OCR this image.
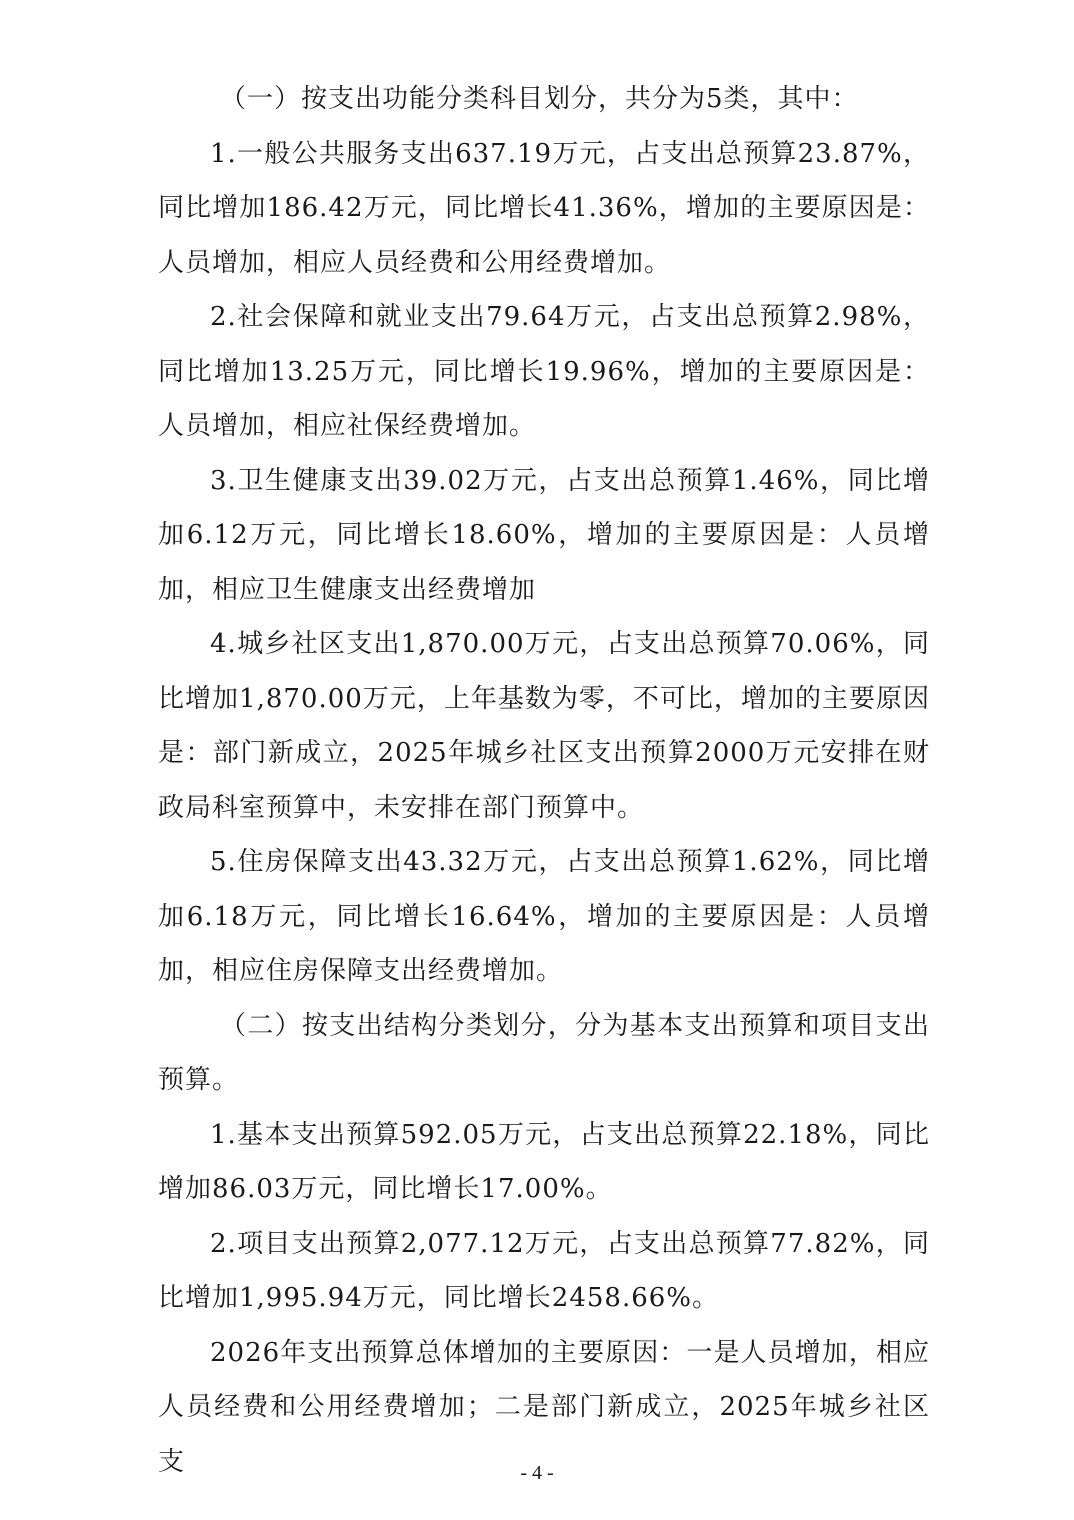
（一）按支出功能分类科目划分，共分为5类，其中：

1.一般公共服务支出637.19万元，占支出总预算23.87%，同比增加186.42万元，同比增长41.36%，增加的主要原因是：人员增加，相应人员经费和公用经费增加。

2.社会保障和就业支出79.64万元，占支出总预算2.98%，同比增加13.25万元，同比增长19.96%，增加的主要原因是：人员增加，相应社保经费增加。

3.卫生健康支出39.02万元，占支出总预算1.46%，同比增加6.12万元，同比增长18.60%，增加的主要原因是：人员增加，相应卫生健康支出经费增加

4.城乡社区支出1,870.00万元，占支出总预算70.06%，同比增加1,870.00万元，上年基数为零，不可比，增加的主要原因是：部门新成立，2025年城乡社区支出预算2000万元安排在财政局科室预算中，未安排在部门预算中。

5.住房保障支出43.32万元，占支出总预算1.62%，同比增加6.18万元，同比增长16.64%，增加的主要原因是：人员增加，相应住房保障支出经费增加。

（二）按支出结构分类划分，分为基本支出预算和项目支出预算。

1.基本支出预算592.05万元，占支出总预算22.18%，同比增加86.03万元，同比增长17.00%。

2.项目支出预算2,077.12万元，占支出总预算77.82%，同比增加1,995.94万元，同比增长2458.66%。

2026年支出预算总体增加的主要原因：一是人员增加，相应人员经费和公用经费增加；二是部门新成立，2025年城乡社区支	- 4 -
